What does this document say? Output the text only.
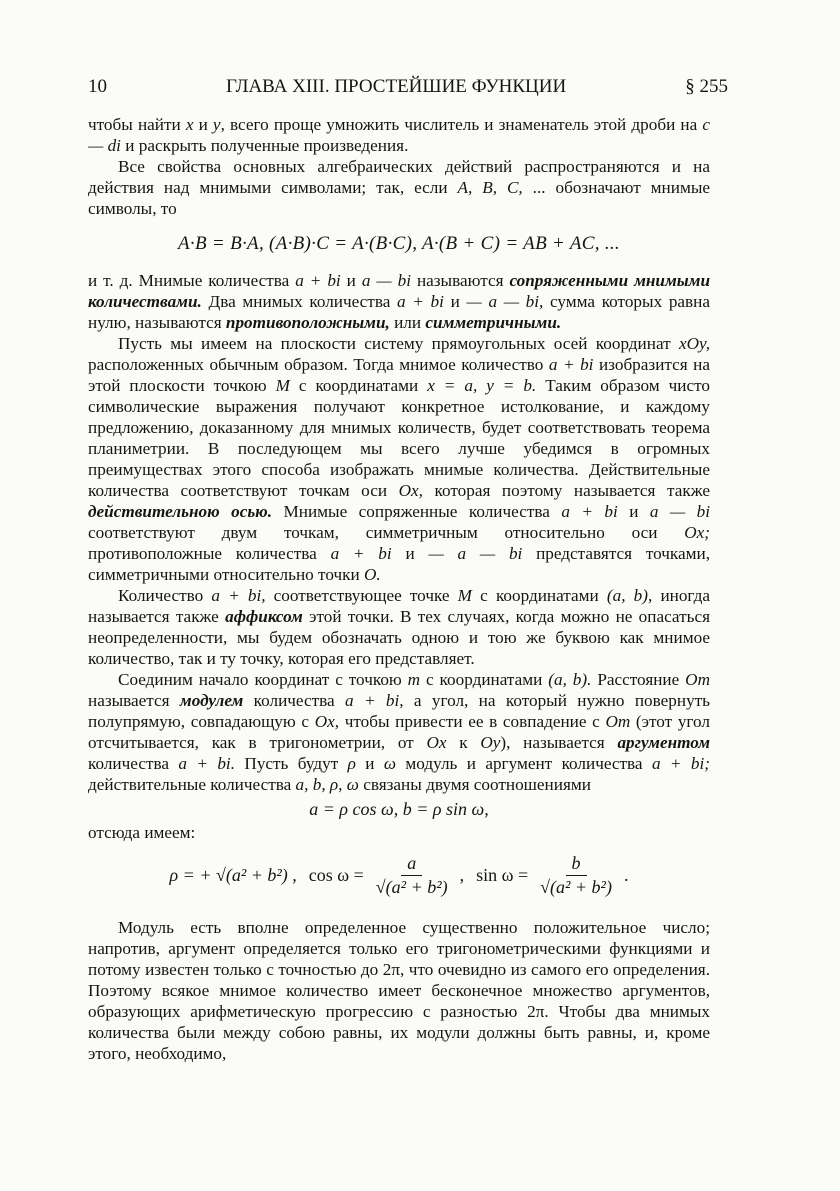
10	ГЛАВА XIII. ПРОСТЕЙШИЕ ФУНКЦИИ	§ 255

чтобы найти x и y, всего проще умножить числитель и знаменатель этой дроби на c — di и раскрыть полученные произведения.

Все свойства основных алгебраических действий распространяются и на действия над мнимыми символами; так, если A, B, C, ... обозначают мнимые символы, то

A·B = B·A, (A·B)·C = A·(B·C), A·(B + C) = AB + AC, ...

и т. д. Мнимые количества a + bi и a — bi называются сопряженными мнимыми количествами. Два мнимых количества a + bi и — a — bi, сумма которых равна нулю, называются противоположными, или симметричными.

Пусть мы имеем на плоскости систему прямоугольных осей координат xOy, расположенных обычным образом. Тогда мнимое количество a + bi изобразится на этой плоскости точкою M с координатами x = a, y = b. Таким образом чисто символические выражения получают конкретное истолкование, и каждому предложению, доказанному для мнимых количеств, будет соответствовать теорема планиметрии. В последующем мы всего лучше убедимся в огромных преимуществах этого способа изображать мнимые количества. Действительные количества соответствуют точкам оси Ox, которая поэтому называется также действительною осью. Мнимые сопряженные количества a + bi и a — bi соответствуют двум точкам, симметричным относительно оси Ox; противоположные количества a + bi и — a — bi представятся точками, симметричными относительно точки O.

Количество a + bi, соответствующее точке M с координатами (a, b), иногда называется также аффиксом этой точки. В тех случаях, когда можно не опасаться неопределенности, мы будем обозначать одною и тою же буквою как мнимое количество, так и ту точку, которая его представляет.

Соединим начало координат с точкою m с координатами (a, b). Расстояние Om называется модулем количества a + bi, а угол, на который нужно повернуть полупрямую, совпадающую с Ox, чтобы привести ее в совпадение с Om (этот угол отсчитывается, как в тригонометрии, от Ox к Oy), называется аргументом количества a + bi. Пусть будут ρ и ω модуль и аргумент количества a + bi; действительные количества a, b, ρ, ω связаны двумя соотношениями

a = ρ cos ω, b = ρ sin ω,

отсюда имеем:

ρ = + √(a² + b²) , $\cos \omega = \frac{a}{\text{√(a² + b²)}}$ , $\sin \omega = \frac{b}{\text{√(a² + b²)}}$ .

Модуль есть вполне определенное существенно положительное число; напротив, аргумент определяется только его тригонометрическими функциями и потому известен только с точностью до 2π, что очевидно из самого его определения. Поэтому всякое мнимое количество имеет бесконечное множество аргументов, образующих арифметическую прогрессию с разностью 2π. Чтобы два мнимых количества были между собою равны, их модули должны быть равны, и, кроме этого, необходимо,
